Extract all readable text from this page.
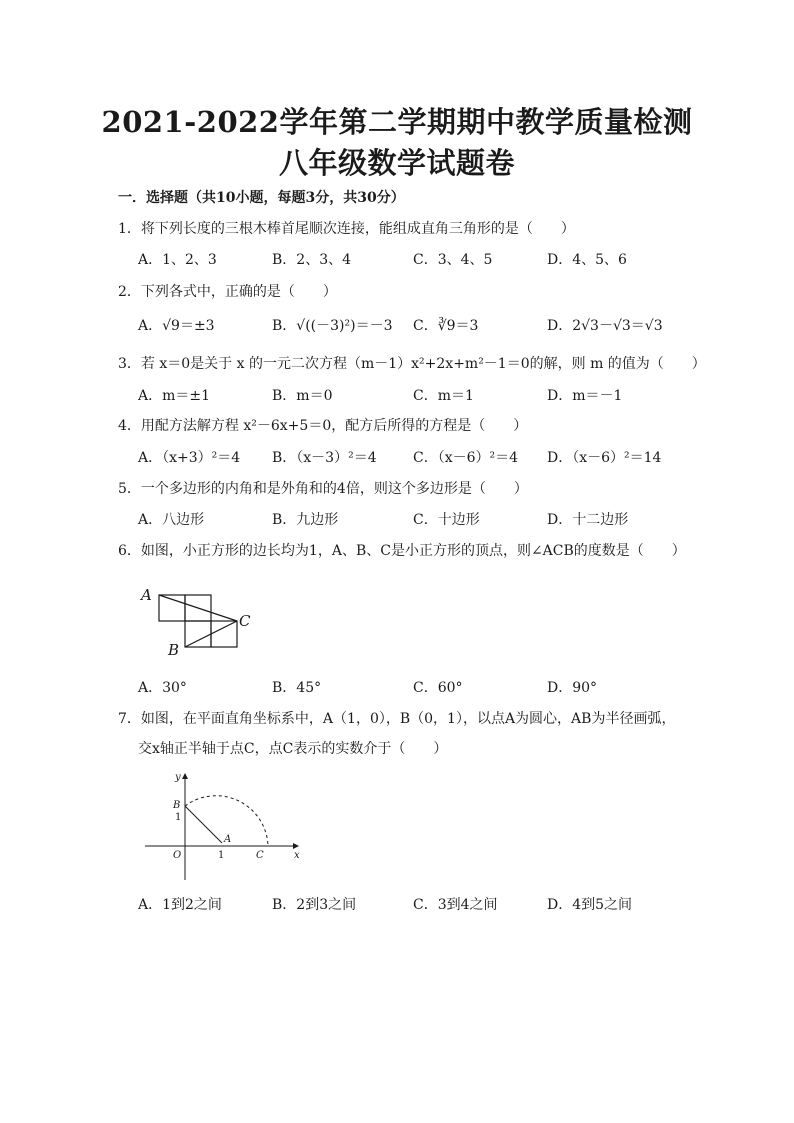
2021-2022学年第二学期期中教学质量检测
八年级数学试题卷
一．选择题（共10小题，每题3分，共30分）
1．将下列长度的三根木棒首尾顺次连接，能组成直角三角形的是（　　）
A．1、2、3	B．2、3、4	C．3、4、5	D．4、5、6
2．下列各式中，正确的是（　　）
A．√9＝±3	B．√((－3)²)＝－3 C．∛9＝3	D．2√3－√3＝√3
3．若 x＝0是关于 x 的一元二次方程（m－1）x²+2x+m²－1＝0的解，则 m 的值为（　　）
A．m＝±1	B．m＝0	C．m＝1	D．m＝－1
4．用配方法解方程 x²－6x+5＝0，配方后所得的方程是（　　）
A．（x+3）²＝4 B．（x－3）²＝4	C．（x－6）²＝4 D．（x－6）²＝14
5．一个多边形的内角和是外角和的4倍，则这个多边形是（　　）
A．八边形	B．九边形	C．十边形	D．十二边形
6．如图，小正方形的边长均为1，A、B、C是小正方形的顶点，则∠ACB的度数是（　　）
A
B
C
A．30°	B．45°	C．60°	D．90°
7．如图，在平面直角坐标系中，A（1，0），B（0，1），以点A为圆心，AB为半径画弧，
交x轴正半轴于点C，点C表示的实数介于（　　）
y
B
1
A
O	1	C	x
A．1到2之间	B．2到3之间	C．3到4之间	D．4到5之间
